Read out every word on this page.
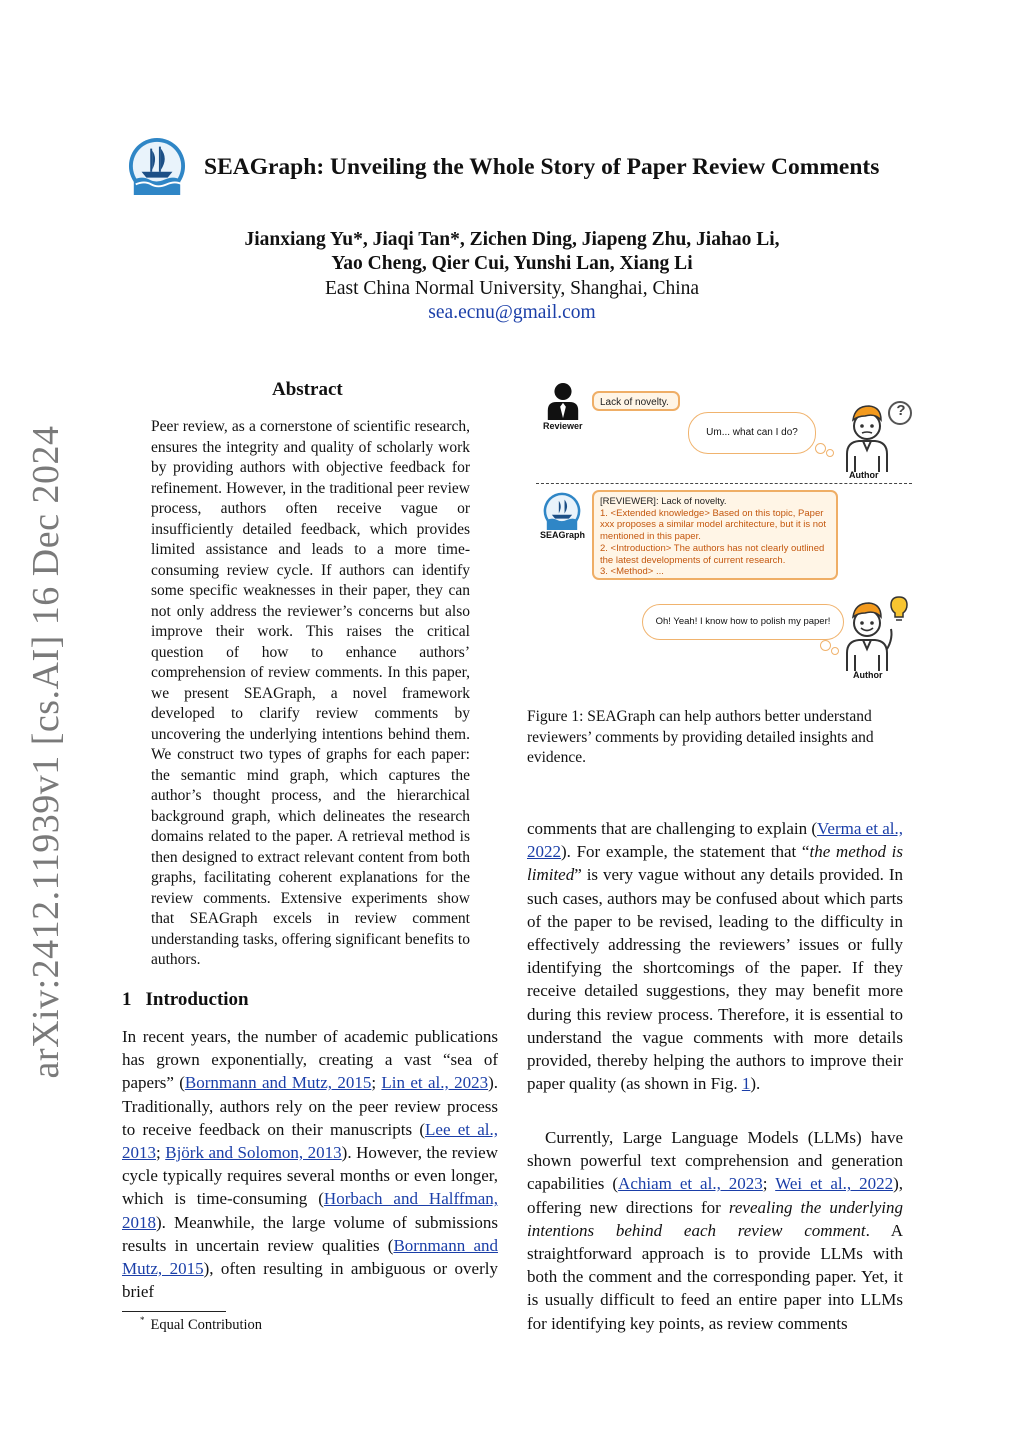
arXiv:2412.11939v1 [cs.AI] 16 Dec 2024
SEAGraph: Unveiling the Whole Story of Paper Review Comments
Jianxiang Yu*, Jiaqi Tan*, Zichen Ding, Jiapeng Zhu, Jiahao Li,
Yao Cheng, Qier Cui, Yunshi Lan, Xiang Li
East China Normal University, Shanghai, China
sea.ecnu@gmail.com
Abstract
Peer review, as a cornerstone of scientific research, ensures the integrity and quality of scholarly work by providing authors with objective feedback for refinement. However, in the traditional peer review process, authors often receive vague or insufficiently detailed feedback, which provides limited assistance and leads to a more time-consuming review cycle. If authors can identify some specific weaknesses in their paper, they can not only address the reviewer’s concerns but also improve their work. This raises the critical question of how to enhance authors’ comprehension of review comments. In this paper, we present SEAGraph, a novel framework developed to clarify review comments by uncovering the underlying intentions behind them. We construct two types of graphs for each paper: the semantic mind graph, which captures the author’s thought process, and the hierarchical background graph, which delineates the research domains related to the paper. A retrieval method is then designed to extract relevant content from both graphs, facilitating coherent explanations for the review comments. Extensive experiments show that SEAGraph excels in review comment understanding tasks, offering significant benefits to authors.
1 Introduction
In recent years, the number of academic publications has grown exponentially, creating a vast “sea of papers” (Bornmann and Mutz, 2015; Lin et al., 2023). Traditionally, authors rely on the peer review process to receive feedback on their manuscripts (Lee et al., 2013; Björk and Solomon, 2013). However, the review cycle typically requires several months or even longer, which is time-consuming (Horbach and Halffman, 2018). Meanwhile, the large volume of submissions results in uncertain review qualities (Bornmann and Mutz, 2015), often resulting in ambiguous or overly brief
comments that are challenging to explain (Verma et al., 2022). For example, the statement that “the method is limited” is very vague without any details provided. In such cases, authors may be confused about which parts of the paper to be revised, leading to the difficulty in effectively addressing the reviewers’ issues or fully identifying the shortcomings of the paper. If they receive detailed suggestions, they may benefit more during this review process. Therefore, it is essential to understand the vague comments with more details provided, thereby helping the authors to improve their paper quality (as shown in Fig. 1).
Currently, Large Language Models (LLMs) have shown powerful text comprehension and generation capabilities (Achiam et al., 2023; Wei et al., 2022), offering new directions for revealing the underlying intentions behind each review comment. A straightforward approach is to provide LLMs with both the comment and the corresponding paper. Yet, it is usually difficult to feed an entire paper into LLMs for identifying key points, as review comments
* Equal Contribution
Reviewer
Lack of novelty.
Um... what can I do?
?
Author
SEAGraph
[REVIEWER]: Lack of novelty.
1. <Extended knowledge> Based on this topic, Paper xxx proposes a similar model architecture, but it is not mentioned in this paper.
2. <Introduction> The authors has not clearly outlined the latest developments of current research.
3. <Method> ...
Oh! Yeah! I know how to polish my paper!
Author
Figure 1: SEAGraph can help authors better understand reviewers’ comments by providing detailed insights and evidence.
